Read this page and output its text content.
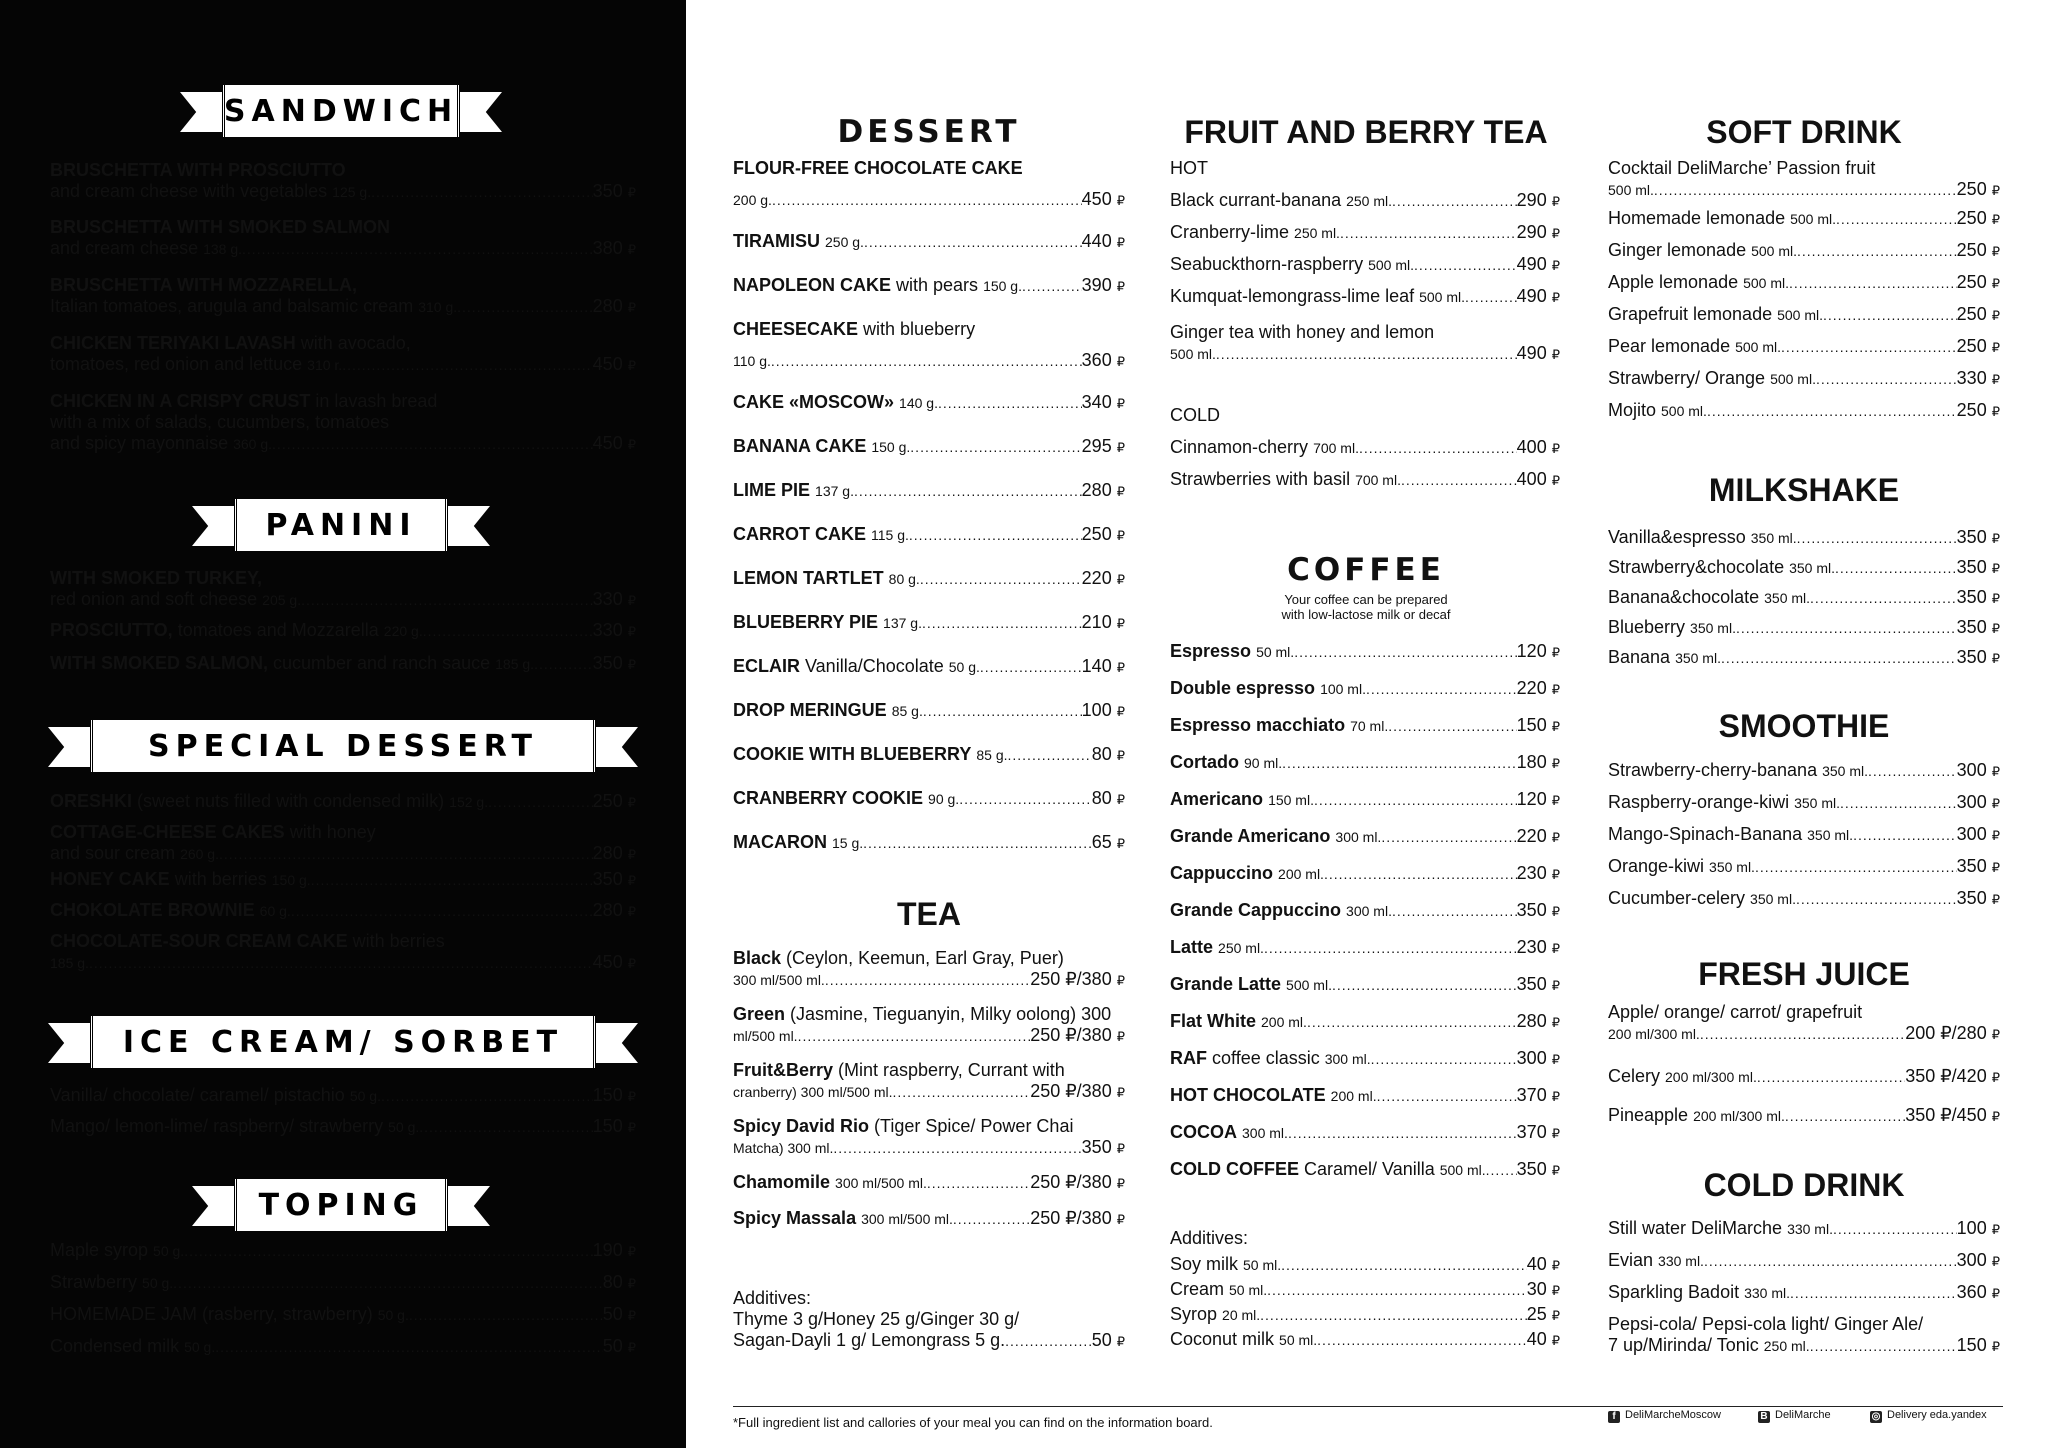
SANDWICH
BRUSCHETTA WITH PROSCIUTTO
and cream cheese with vegetables 125 g. .....	350 ₽
BRUSCHETTA WITH SMOKED SALMON
and cream cheese 138 g. .....	380 ₽
BRUSCHETTA WITH MOZZARELLA,
Italian tomatoes, arugula and balsamic cream 310 g. .....	280 ₽
CHICKEN TERIYAKI LAVASH with avocado,
tomatoes, red onion and lettuce 310 r. .....	450 ₽
CHICKEN IN A CRISPY CRUST in lavash bread
with a mix of salads, cucumbers, tomatoes
and spicy mayonnaise 360 g. .....	450 ₽
PANINI
WITH SMOKED TURKEY,
red onion and soft cheese 205 g. .....	330 ₽
PROSCIUTTO, tomatoes and Mozzarella 220 g. .....	330 ₽
WITH SMOKED SALMON, cucumber and ranch sauce 185 g. .....	350 ₽
SPECIAL DESSERT
ORESHKI (sweet nuts filled with condensed milk) 152 g. .....	250 ₽
COTTAGE-CHEESE CAKES with honey
and sour cream 260 g. .....	280 ₽
HONEY CAKE with berries 150 g. .....	350 ₽
CHOKOLATE BROWNIE 60 g. .....	280 ₽
CHOCOLATE-SOUR CREAM CAKE with berries
185 g. .....	450 ₽
ICE CREAM/ SORBET
Vanilla/ chocolate/ caramel/ pistachio 50 g. .....	150 ₽
Mango/ lemon-lime/ raspberry/ strawberry 50 g. .....	150 ₽
TOPING
Maple syrop 50 g. .....	190 ₽
Strawberry 50 g. .....	80 ₽
HOMEMADE JAM (rasberry, strawberry) 50 g. .....	50 ₽
Condensed milk 50 g. .....	50 ₽
DESSERT
FLOUR-FREE CHOCOLATE CAKE
200 g. .....	450 ₽
TIRAMISU 250 g. .....	440 ₽
NAPOLEON CAKE with pears 150 g. .....	390 ₽
CHEESECAKE with blueberry
110 g. .....	360 ₽
CAKE «MOSCOW» 140 g. .....	340 ₽
BANANA CAKE 150 g. .....	295 ₽
LIME PIE 137 g. .....	280 ₽
CARROT CAKE 115 g. .....	250 ₽
LEMON TARTLET 80 g. .....	220 ₽
BLUEBERRY PIE 137 g. .....	210 ₽
ECLAIR Vanilla/Chocolate 50 g. .....	140 ₽
DROP MERINGUE 85 g. .....	100 ₽
COOKIE WITH BLUEBERRY 85 g. .....	80 ₽
CRANBERRY COOKIE 90 g. .....	80 ₽
MACARON 15 g. .....	65 ₽
TEA
Black (Ceylon, Keemun, Earl Gray, Puer)
300 ml/500 ml. .....	250 ₽/380 ₽
Green (Jasmine, Tieguanyin, Milky oolong) 300
ml/500 ml. .....	250 ₽/380 ₽
Fruit&Berry (Mint raspberry, Currant with
cranberry) 300 ml/500 ml. .....	250 ₽/380 ₽
Spicy David Rio (Tiger Spice/ Power Chai
Matcha) 300 ml. .....	350 ₽
Chamomile 300 ml/500 ml. .....	250 ₽/380 ₽
Spicy Massala 300 ml/500 ml. .....	250 ₽/380 ₽
Additives:
Thyme 3 g/Honey 25 g/Ginger 30 g/
Sagan-Dayli 1 g/ Lemongrass 5 g. .....	50 ₽
FRUIT AND BERRY TEA
HOT
Black currant-banana 250 ml. .....	290 ₽
Cranberry-lime 250 ml. .....	290 ₽
Seabuckthorn-raspberry 500 ml. .....	490 ₽
Kumquat-lemongrass-lime leaf 500 ml. .....	490 ₽
Ginger tea with honey and lemon
500 ml. .....	490 ₽
COLD
Cinnamon-cherry 700 ml. .....	400 ₽
Strawberries with basil 700 ml. .....	400 ₽
COFFEE
Your coffee can be prepared
with low-lactose milk or decaf
Espresso 50 ml. .....	120 ₽
Double espresso 100 ml. .....	220 ₽
Espresso macchiato 70 ml. .....	150 ₽
Cortado 90 ml. .....	180 ₽
Americano 150 ml. .....	120 ₽
Grande Americano 300 ml. .....	220 ₽
Cappuccino 200 ml. .....	230 ₽
Grande Cappuccino 300 ml. .....	350 ₽
Latte 250 ml. .....	230 ₽
Grande Latte 500 ml. .....	350 ₽
Flat White 200 ml. .....	280 ₽
RAF coffee classic 300 ml. .....	300 ₽
HOT CHOCOLATE 200 ml. .....	370 ₽
COCOA 300 ml. .....	370 ₽
COLD COFFEE Caramel/ Vanilla 500 ml. ..... 350 ₽
Additives:
Soy milk 50 ml. .....	40 ₽
Cream 50 ml. .....	30 ₽
Syrop 20 ml. .....	25 ₽
Coconut milk 50 ml. .....	40 ₽
SOFT DRINK
Cocktail DeliMarche’ Passion fruit
500 ml. .....	250 ₽
Homemade lemonade 500 ml. .....	250 ₽
Ginger lemonade 500 ml. .....	250 ₽
Apple lemonade 500 ml. .....	250 ₽
Grapefruit lemonade 500 ml. .....	250 ₽
Pear lemonade 500 ml. .....	250 ₽
Strawberry/ Orange 500 ml. .....	330 ₽
Mojito 500 ml. .....	250 ₽
MILKSHAKE
Vanilla&espresso 350 ml. .....	350 ₽
Strawberry&chocolate 350 ml. .....	350 ₽
Banana&chocolate 350 ml. .....	350 ₽
Blueberry 350 ml. .....	350 ₽
Banana 350 ml. .....	350 ₽
SMOOTHIE
Strawberry-cherry-banana 350 ml. .....	300 ₽
Raspberry-orange-kiwi 350 ml. .....	300 ₽
Mango-Spinach-Banana 350 ml. .....	300 ₽
Orange-kiwi 350 ml. .....	350 ₽
Cucumber-celery 350 ml. .....	350 ₽
FRESH JUICE
Apple/ orange/ carrot/ grapefruit
200 ml/300 ml. .....	200 ₽/280 ₽
Celery 200 ml/300 ml. .....	350 ₽/420 ₽
Pineapple 200 ml/300 ml. .....	350 ₽/450 ₽
COLD DRINK
Still water DeliMarche 330 ml. .....	100 ₽
Evian 330 ml. .....	300 ₽
Sparkling Badoit 330 ml. .....	360 ₽
Pepsi-cola/ Pepsi-cola light/ Ginger Ale/
7 up/Mirinda/ Tonic 250 ml. .....	150 ₽
*Full ingredient list and callories of your meal you can find on the information board.	f DeliMarcheMoscow	B DeliMarche	◎ Delivery eda.yandex
